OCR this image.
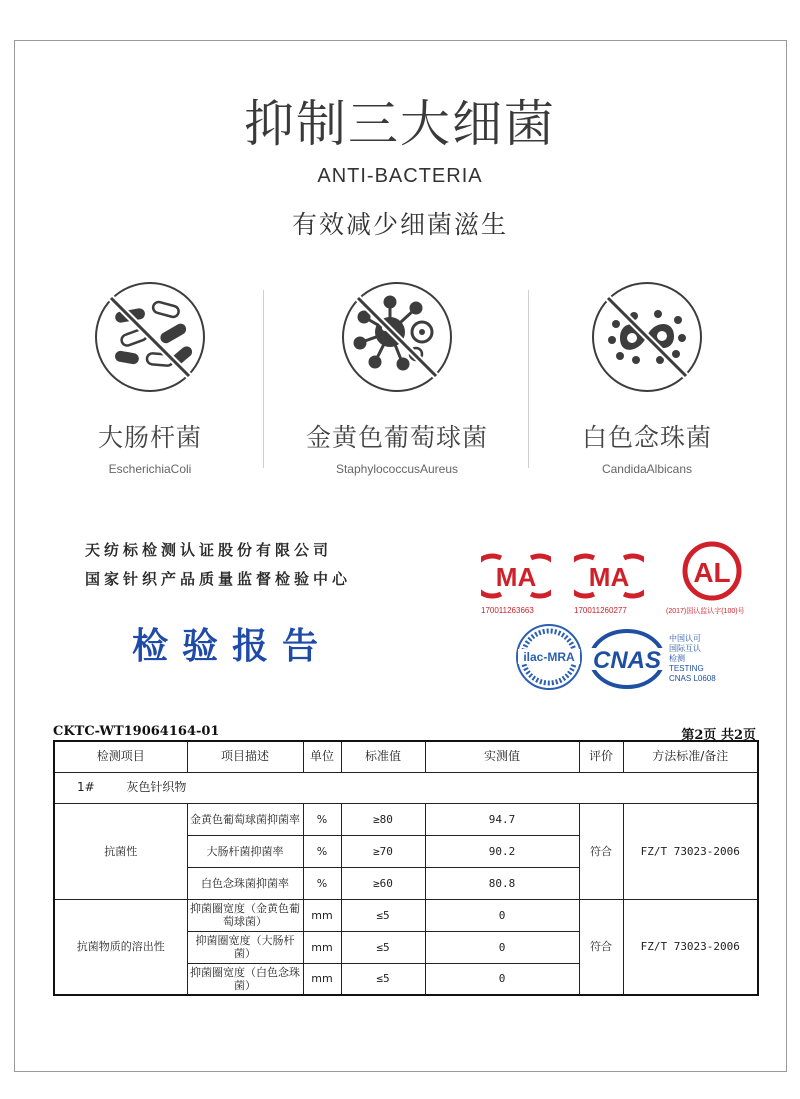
抑制三大细菌
ANTI-BACTERIA
有效减少细菌滋生
大肠杆菌
EscherichiaColi
金黄色葡萄球菌
StaphylococcusAureus
白色念珠菌
CandidaAlbicans
天纺标检测认证股份有限公司
国家针织产品质量监督检验中心
检验报告
MA
170011263663
MA
170011260277
AL
(2017)国认监认字(100)号
ilac-MRA CNAS
中国认可
国际互认
检测
TESTING
CNAS L0608
CKTC-WT19064164-01	第2页 共2页
检测项目	项目描述	单位	标准值	实测值	评价	方法标准/备注
1# 灰色针织物						
抗菌性	金黄色葡萄球菌抑菌率	%	≥80	94.7	符合	FZ/T 73023-2006
	大肠杆菌抑菌率	%	≥70	90.2		
	白色念珠菌抑菌率	%	≥60	80.8		
抗菌物质的溶出性	抑菌圈宽度（金黄色葡萄球菌）	mm	≤5	0	符合	FZ/T 73023-2006
	抑菌圈宽度（大肠杆菌）	mm	≤5	0		
	抑菌圈宽度（白色念珠菌）	mm	≤5	0		
